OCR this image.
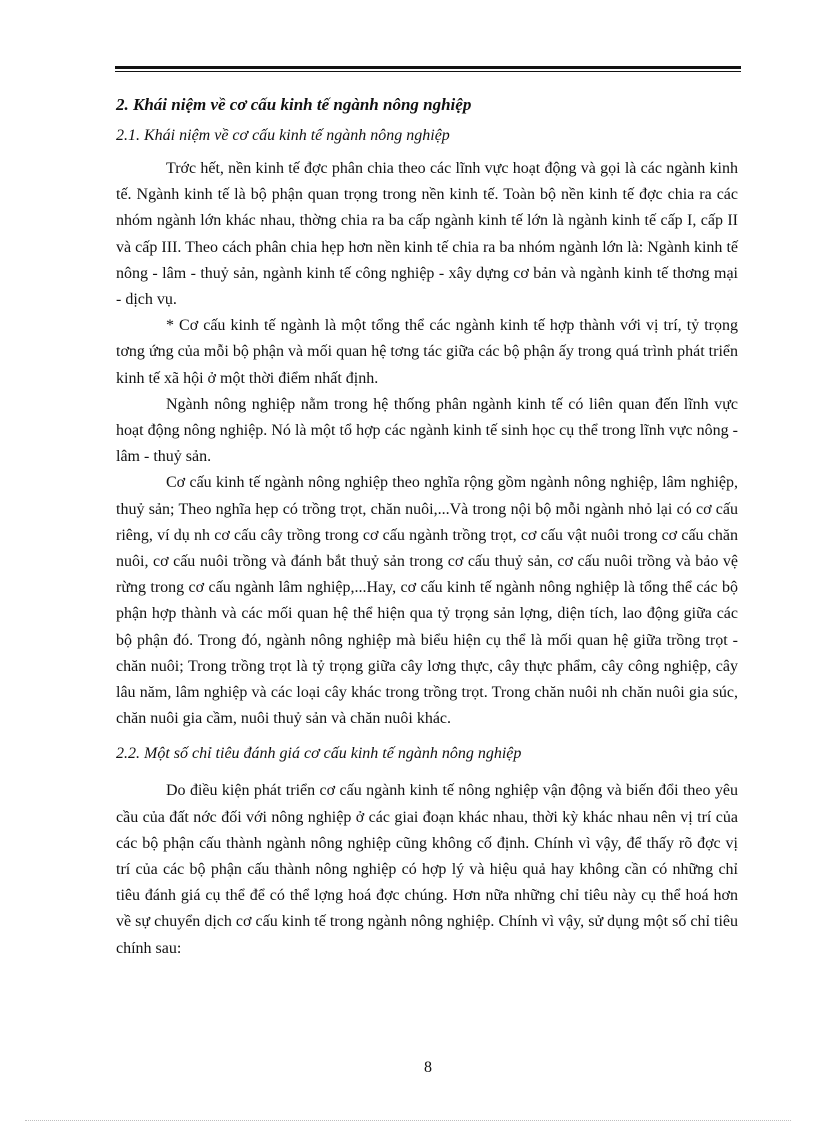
2. Khái niệm về cơ cấu kinh tế ngành nông nghiệp
2.1. Khái niệm về cơ cấu kinh tế ngành nông nghiệp

Trớc hết, nền kinh tế đợc phân chia theo các lĩnh vực hoạt động và gọi là các ngành kinh tế. Ngành kinh tế là bộ phận quan trọng trong nền kinh tế. Toàn bộ nền kinh tế đợc chia ra các nhóm ngành lớn khác nhau, thờng chia ra ba cấp ngành kinh tế lớn là ngành kinh tế cấp I, cấp II và cấp III. Theo cách phân chia hẹp hơn nền kinh tế chia ra ba nhóm ngành lớn là: Ngành kinh tế nông - lâm - thuỷ sản, ngành kinh tế công nghiệp - xây dựng cơ bản và ngành kinh tế thơng mại - dịch vụ.

* Cơ cấu kinh tế ngành là một tổng thể các ngành kinh tế hợp thành với vị trí, tỷ trọng tơng ứng của mỗi bộ phận và mối quan hệ tơng tác giữa các bộ phận ấy trong quá trình phát triển kinh tế xã hội ở một thời điểm nhất định.

Ngành nông nghiệp nằm trong hệ thống phân ngành kinh tế có liên quan đến lĩnh vực hoạt động nông nghiệp. Nó là một tổ hợp các ngành kinh tế sinh học cụ thể trong lĩnh vực nông - lâm - thuỷ sản.

Cơ cấu kinh tế ngành nông nghiệp theo nghĩa rộng gồm ngành nông nghiệp, lâm nghiệp, thuỷ sản; Theo nghĩa hẹp có trồng trọt, chăn nuôi,...Và trong nội bộ mỗi ngành nhỏ lại có cơ cấu riêng, ví dụ nh cơ cấu cây trồng trong cơ cấu ngành trồng trọt, cơ cấu vật nuôi trong cơ cấu chăn nuôi, cơ cấu nuôi trồng và đánh bắt thuỷ sản trong cơ cấu thuỷ sản, cơ cấu nuôi trồng và bảo vệ rừng trong cơ cấu ngành lâm nghiệp,...Hay, cơ cấu kinh tế ngành nông nghiệp là tổng thể các bộ phận hợp thành và các mối quan hệ thể hiện qua tỷ trọng sản lợng, diện tích, lao động giữa các bộ phận đó. Trong đó, ngành nông nghiệp mà biểu hiện cụ thể là mối quan hệ giữa trồng trọt - chăn nuôi; Trong trồng trọt là tỷ trọng giữa cây lơng thực, cây thực phẩm, cây công nghiệp, cây lâu năm, lâm nghiệp và các loại cây khác trong trồng trọt. Trong chăn nuôi nh chăn nuôi gia súc, chăn nuôi gia cầm, nuôi thuỷ sản và chăn nuôi khác.

2.2. Một số chỉ tiêu đánh giá cơ cấu kinh tế ngành nông nghiệp

Do điều kiện phát triển cơ cấu ngành kinh tế nông nghiệp vận động và biến đổi theo yêu cầu của đất nớc đối với nông nghiệp ở các giai đoạn khác nhau, thời kỳ khác nhau nên vị trí của các bộ phận cấu thành ngành nông nghiệp cũng không cố định. Chính vì vậy, để thấy rõ đợc vị trí của các bộ phận cấu thành nông nghiệp có hợp lý và hiệu quả hay không cần có những chỉ tiêu đánh giá cụ thể để có thể lợng hoá đợc chúng. Hơn nữa những chỉ tiêu này cụ thể hoá hơn về sự chuyển dịch cơ cấu kinh tế trong ngành nông nghiệp. Chính vì vậy, sử dụng một số chỉ tiêu chính sau:

8
